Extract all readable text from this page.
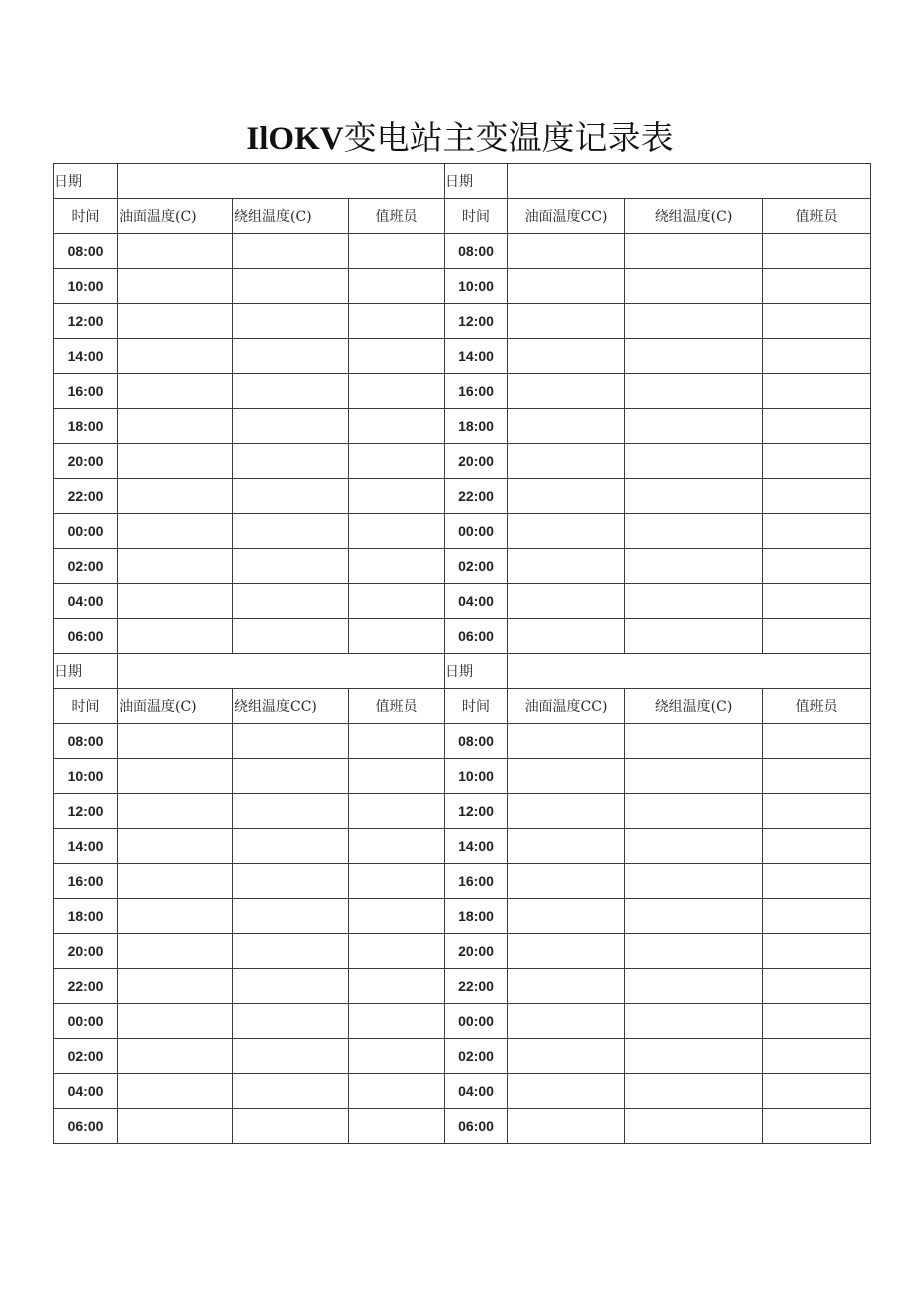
IlOKV变电站主变温度记录表
日期				日期			
时间	油面温度(C)	绕组温度(C)	值班员	时间	油面温度CC)	绕组温度(C)	值班员
08:00				08:00			
10:00				10:00			
12:00				12:00			
14:00				14:00			
16:00				16:00			
18:00				18:00			
20:00				20:00			
22:00				22:00			
00:00				00:00			
02:00				02:00			
04:00				04:00			
06:00				06:00			
日期				日期			
时间	油面温度(C)	绕组温度CC)	值班员	时间	油面温度CC)	绕组温度(C)	值班员
08:00				08:00			
10:00				10:00			
12:00				12:00			
14:00				14:00			
16:00				16:00			
18:00				18:00			
20:00				20:00			
22:00				22:00			
00:00				00:00			
02:00				02:00			
04:00				04:00			
06:00				06:00			
